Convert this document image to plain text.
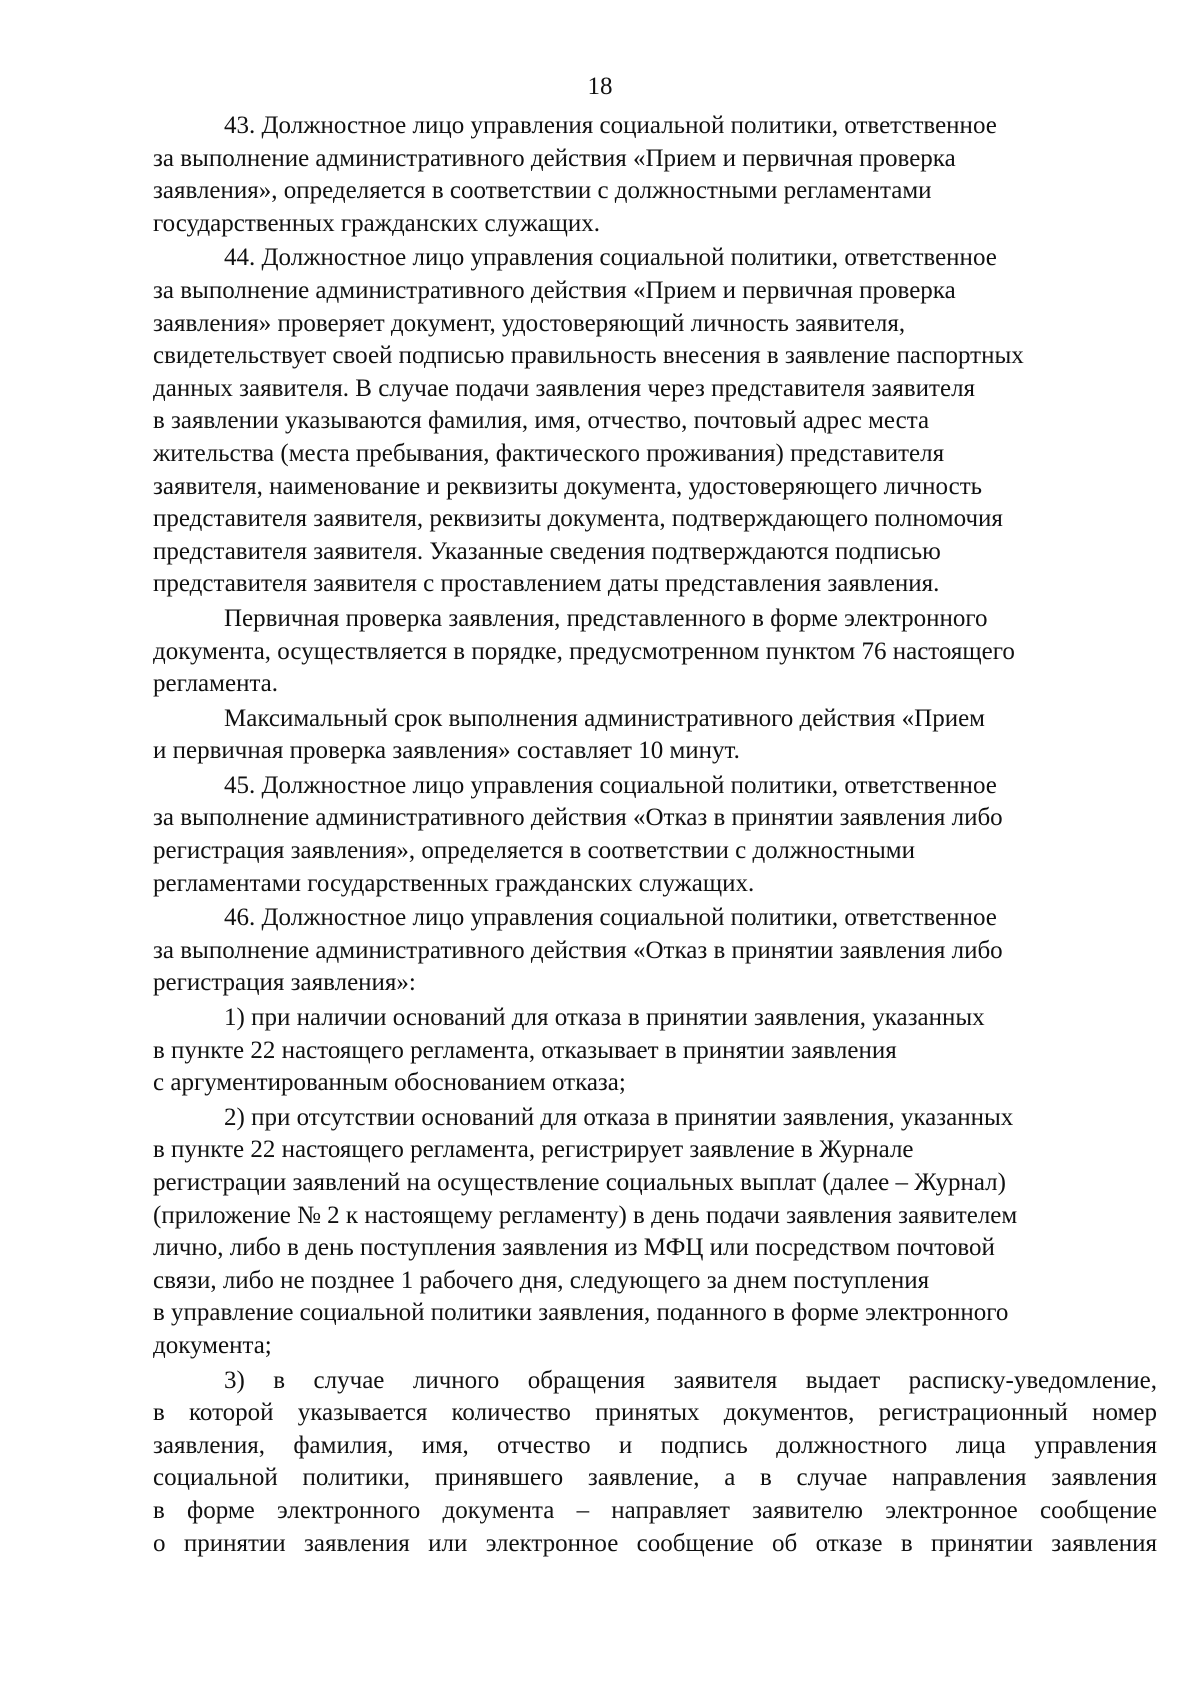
18

43. Должностное лицо управления социальной политики, ответственное
за выполнение административного действия «Прием и первичная проверка
заявления», определяется в соответствии с должностными регламентами
государственных гражданских служащих.

44. Должностное лицо управления социальной политики, ответственное
за выполнение административного действия «Прием и первичная проверка
заявления» проверяет документ, удостоверяющий личность заявителя,
свидетельствует своей подписью правильность внесения в заявление паспортных
данных заявителя. В случае подачи заявления через представителя заявителя
в заявлении указываются фамилия, имя, отчество, почтовый адрес места
жительства (места пребывания, фактического проживания) представителя
заявителя, наименование и реквизиты документа, удостоверяющего личность
представителя заявителя, реквизиты документа, подтверждающего полномочия
представителя заявителя. Указанные сведения подтверждаются подписью
представителя заявителя с проставлением даты представления заявления.

Первичная проверка заявления, представленного в форме электронного
документа, осуществляется в порядке, предусмотренном пунктом 76 настоящего
регламента.

Максимальный срок выполнения административного действия «Прием
и первичная проверка заявления» составляет 10 минут.

45. Должностное лицо управления социальной политики, ответственное
за выполнение административного действия «Отказ в принятии заявления либо
регистрация заявления», определяется в соответствии с должностными
регламентами государственных гражданских служащих.

46. Должностное лицо управления социальной политики, ответственное
за выполнение административного действия «Отказ в принятии заявления либо
регистрация заявления»:

1) при наличии оснований для отказа в принятии заявления, указанных
в пункте 22 настоящего регламента, отказывает в принятии заявления
с аргументированным обоснованием отказа;

2) при отсутствии оснований для отказа в принятии заявления, указанных
в пункте 22 настоящего регламента, регистрирует заявление в Журнале
регистрации заявлений на осуществление социальных выплат (далее – Журнал)
(приложение № 2 к настоящему регламенту) в день подачи заявления заявителем
лично, либо в день поступления заявления из МФЦ или посредством почтовой
связи, либо не позднее 1 рабочего дня, следующего за днем поступления
в управление социальной политики заявления, поданного в форме электронного
документа;

3) в случае личного обращения заявителя выдает расписку-уведомление,
в которой указывается количество принятых документов, регистрационный номер
заявления, фамилия, имя, отчество и подпись должностного лица управления
социальной политики, принявшего заявление, а в случае направления заявления
в форме электронного документа – направляет заявителю электронное сообщение
о принятии заявления или электронное сообщение об отказе в принятии заявления
